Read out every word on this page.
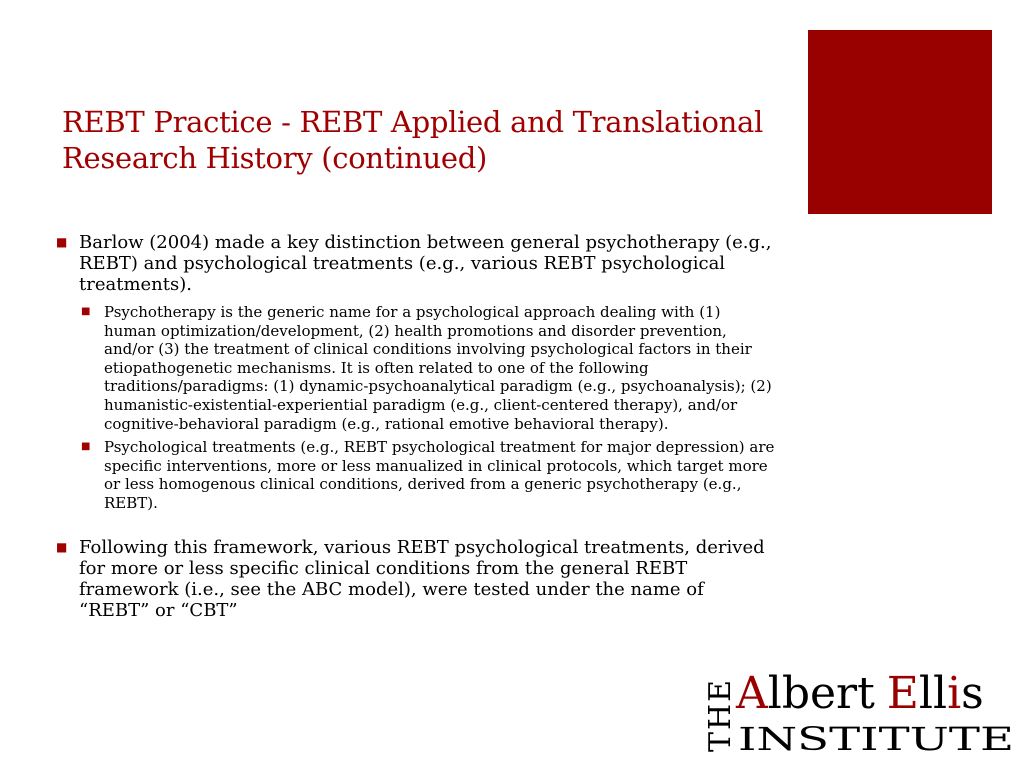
REBT Practice - REBT Applied and Translational Research History (continued)
■ Barlow (2004) made a key distinction between general psychotherapy (e.g., REBT) and psychological treatments (e.g., various REBT psychological treatments).
■ Psychotherapy is the generic name for a psychological approach dealing with (1) human optimization/development, (2) health promotions and disorder prevention, and/or (3) the treatment of clinical conditions involving psychological factors in their etiopathogenetic mechanisms. It is often related to one of the following traditions/paradigms: (1) dynamic-psychoanalytical paradigm (e.g., psychoanalysis); (2) humanistic-existential-experiential paradigm (e.g., client-centered therapy), and/or cognitive-behavioral paradigm (e.g., rational emotive behavioral therapy).
■ Psychological treatments (e.g., REBT psychological treatment for major depression) are specific interventions, more or less manualized in clinical protocols, which target more or less homogenous clinical conditions, derived from a generic psychotherapy (e.g., REBT).
■ Following this framework, various REBT psychological treatments, derived for more or less specific clinical conditions from the general REBT framework (i.e., see the ABC model), were tested under the name of “REBT” or “CBT”
THE
Albert Ellis
INSTITUTE
